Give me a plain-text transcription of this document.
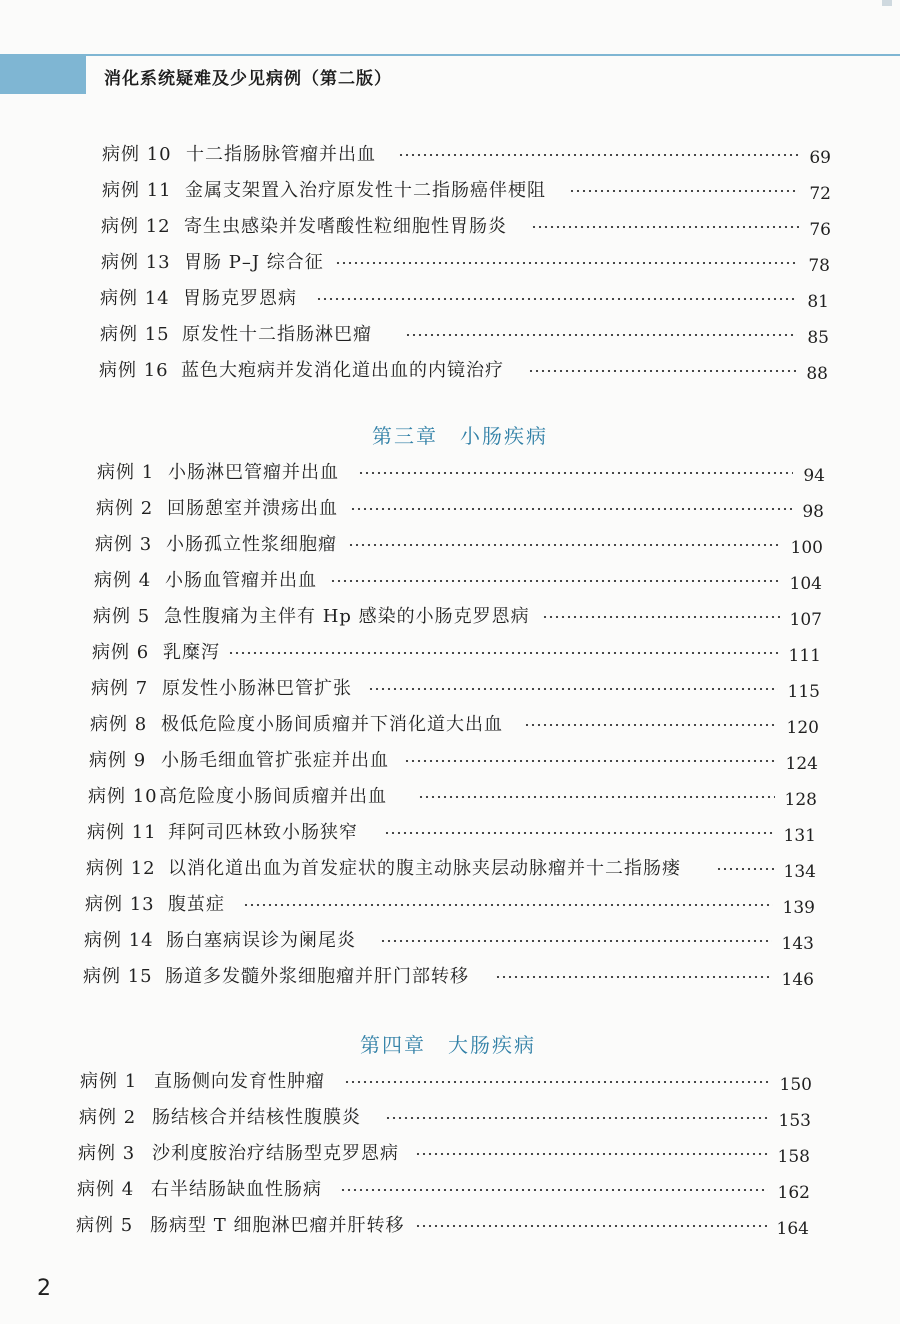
消化系统疑难及少见病例（第二版）
病例 10 十二指肠脉管瘤并出血	69
病例 11 金属支架置入治疗原发性十二指肠癌伴梗阻	72
病例 12 寄生虫感染并发嗜酸性粒细胞性胃肠炎	76
病例 13 胃肠 P–J 综合征	78
病例 14 胃肠克罗恩病	81
病例 15 原发性十二指肠淋巴瘤	85
病例 16 蓝色大疱病并发消化道出血的内镜治疗	88
第三章　小肠疾病
病例 1 小肠淋巴管瘤并出血	94
病例 2 回肠憩室并溃疡出血	98
病例 3 小肠孤立性浆细胞瘤	100
病例 4 小肠血管瘤并出血	104
病例 5 急性腹痛为主伴有 Hp 感染的小肠克罗恩病	107
病例 6 乳糜泻	111
病例 7 原发性小肠淋巴管扩张	115
病例 8 极低危险度小肠间质瘤并下消化道大出血	120
病例 9 小肠毛细血管扩张症并出血	124
病例 10 高危险度小肠间质瘤并出血	128
病例 11 拜阿司匹林致小肠狭窄	131
病例 12 以消化道出血为首发症状的腹主动脉夹层动脉瘤并十二指肠瘘	134
病例 13 腹茧症	139
病例 14 肠白塞病误诊为阑尾炎	143
病例 15 肠道多发髓外浆细胞瘤并肝门部转移	146
第四章　大肠疾病
病例 1 直肠侧向发育性肿瘤	150
病例 2 肠结核合并结核性腹膜炎	153
病例 3 沙利度胺治疗结肠型克罗恩病	158
病例 4 右半结肠缺血性肠病	162
病例 5 肠病型 T 细胞淋巴瘤并肝转移	164
2
